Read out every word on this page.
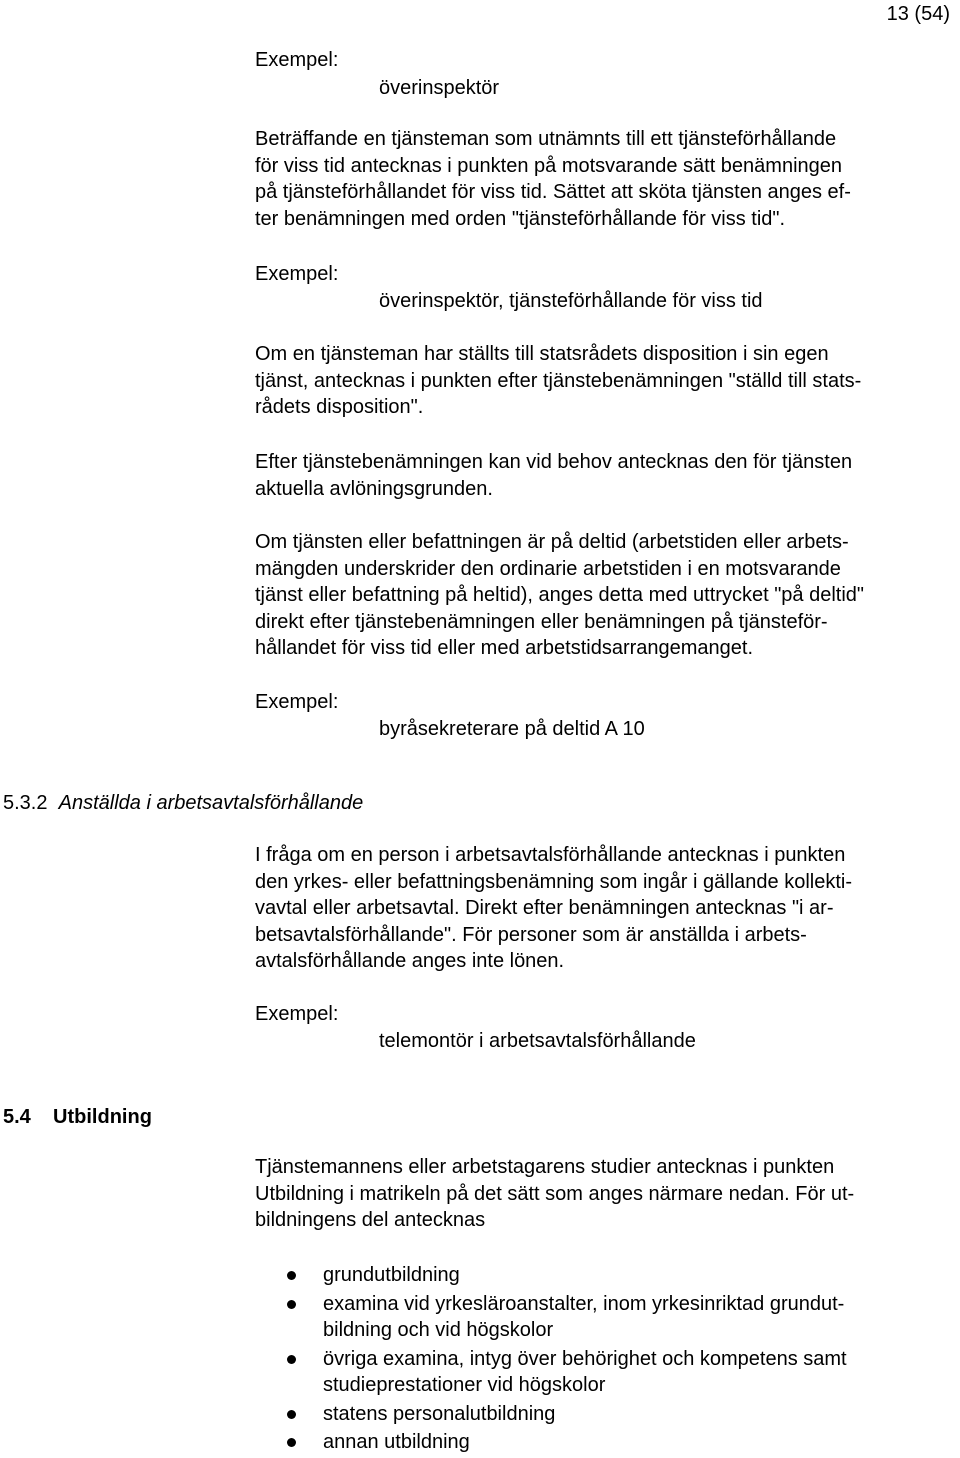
13 (54)
Exempel:
överinspektör
Beträffande en tjänsteman som utnämnts till ett tjänsteförhållande
för viss tid antecknas i punkten på motsvarande sätt benämningen
på tjänsteförhållandet för viss tid. Sättet att sköta tjänsten anges ef-
ter benämningen med orden "tjänsteförhållande för viss tid".
Exempel:
överinspektör, tjänsteförhållande för viss tid
Om en tjänsteman har ställts till statsrådets disposition i sin egen
tjänst, antecknas i punkten efter tjänstebenämningen "ställd till stats-
rådets disposition".
Efter tjänstebenämningen kan vid behov antecknas den för tjänsten
aktuella avlöningsgrunden.
Om tjänsten eller befattningen är på deltid (arbetstiden eller arbets-
mängden underskrider den ordinarie arbetstiden i en motsvarande
tjänst eller befattning på heltid), anges detta med uttrycket "på deltid"
direkt efter tjänstebenämningen eller benämningen på tjänsteför-
hållandet för viss tid eller med arbetstidsarrangemanget.
Exempel:
byråsekreterare på deltid A 10
5.3.2 Anställda i arbetsavtalsförhållande
I fråga om en person i arbetsavtalsförhållande antecknas i punkten
den yrkes- eller befattningsbenämning som ingår i gällande kollekti-
vavtal eller arbetsavtal. Direkt efter benämningen antecknas "i ar-
betsavtalsförhållande". För personer som är anställda i arbets-
avtalsförhållande anges inte lönen.
Exempel:
telemontör i arbetsavtalsförhållande
5.4 Utbildning
Tjänstemannens eller arbetstagarens studier antecknas i punkten
Utbildning i matrikeln på det sätt som anges närmare nedan. För ut-
bildningens del antecknas
grundutbildning
examina vid yrkesläroanstalter, inom yrkesinriktad grundut-
bildning och vid högskolor
övriga examina, intyg över behörighet och kompetens samt
studieprestationer vid högskolor
statens personalutbildning
annan utbildning
